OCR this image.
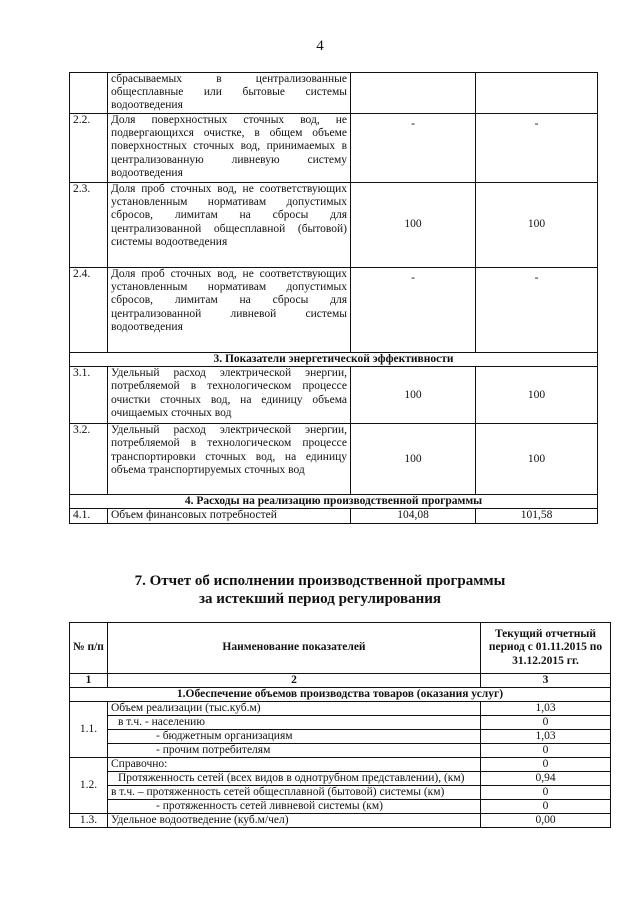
4
	сбрасываемых в централизованные общесплавные или бытовые системы водоотведения		
2.2.	Доля поверхностных сточных вод, не подвергающихся очистке, в общем объеме поверхностных сточных вод, принимаемых в централизованную ливневую систему водоотведения	-	-
2.3.	Доля проб сточных вод, не соответствующих установленным нормативам допустимых сбросов, лимитам на сбросы для централизованной общесплавной (бытовой) системы водоотведения	100	100
2.4.	Доля проб сточных вод, не соответствующих установленным нормативам допустимых сбросов, лимитам на сбросы для централизованной ливневой системы водоотведения	-	-
3. Показатели энергетической эффективности			
3.1.	Удельный расход электрической энергии, потребляемой в технологическом процессе очистки сточных вод, на единицу объема очищаемых сточных вод	100	100
3.2.	Удельный расход электрической энергии, потребляемой в технологическом процессе транспортировки сточных вод, на единицу объема транспортируемых сточных вод	100	100
4. Расходы на реализацию производственной программы			
4.1.	Объем финансовых потребностей	104,08	101,58
7. Отчет об исполнении производственной программы
за истекший период регулирования
№ п/п	Наименование показателей	Текущий отчетный период с 01.11.2015 по 31.12.2015 гг.
1	2	3
1.Обеспечение объемов производства товаров (оказания услуг)		
1.1.	Объем реализации (тыс.куб.м)	1,03
	в т.ч. - населению	0
	- бюджетным организациям	1,03
	- прочим потребителям	0
1.2.	Справочно:	0
	Протяженность сетей (всех видов в однотрубном представлении), (км)	0,94
	в т.ч. – протяженность сетей общесплавной (бытовой) системы (км)	0
	- протяженность сетей ливневой системы (км)	0
1.3.	Удельное водоотведение (куб.м/чел)	0,00
